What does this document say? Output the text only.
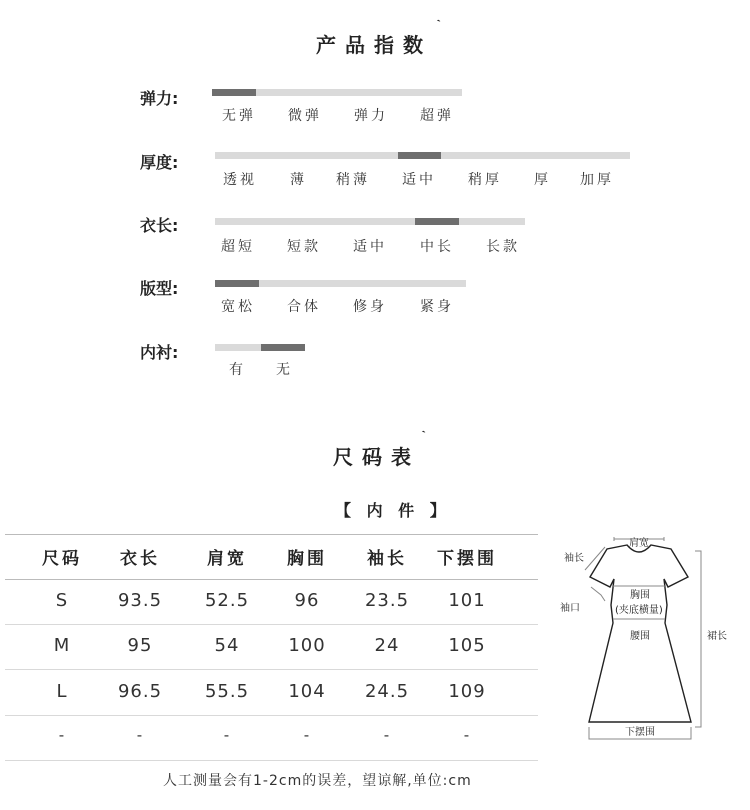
产品指数
ˋ
弹力:
无弹 微弹 弹力 超弹
厚度:
透视 薄 稍薄 适中 稍厚 厚 加厚
衣长:
超短 短款 适中 中长 长款
版型:
宽松 合体 修身 紧身
内衬:
有 无
尺码表
ˋ
【 内 件 】
尺码	衣长	肩宽	胸围	袖长	下摆围
S	93.5	52.5	96	23.5	101
M	95	54	100	24	105
L	96.5	55.5	104	24.5	109
-	-	-	-	-	-
人工测量会有1-2cm的误差，望谅解,单位:cm
肩宽
袖长
袖口
胸围
(夹底横量)
腰围	裙长
下摆围
